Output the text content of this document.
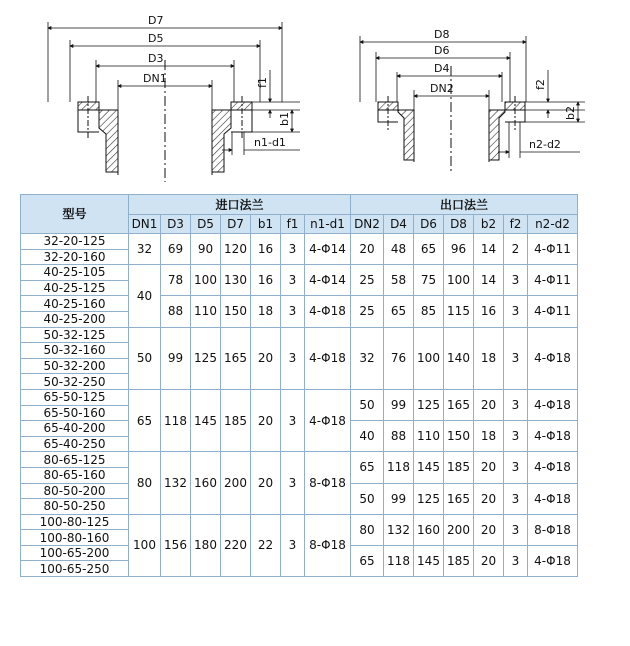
D7
D5
D3
DN1	f1
b1
n1-d1
D8
D6
D4
DN2	f2
b2
n2-d2
型号	进口法兰							出口法兰						
	DN1	D3	D5	D7	b1	f1	n1-d1	DN2	D4	D6	D8	b2	f2	n2-d2
32-20-125	32	69	90	120	16	3	4-Φ14	20	48	65	96	14	2	4-Φ11
32-20-160														
40-25-105	40	78	100	130	16	3	4-Φ14	25	58	75	100	14	3	4-Φ11
40-25-125														
40-25-160		88	110	150	18	3	4-Φ18	25	65	85	115	16	3	4-Φ11
40-25-200														
50-32-125	50	99	125	165	20	3	4-Φ18	32	76	100	140	18	3	4-Φ18
50-32-160														
50-32-200														
50-32-250														
65-50-125	65	118	145	185	20	3	4-Φ18	50	99	125	165	20	3	4-Φ18
65-50-160														
65-40-200								40	88	110	150	18	3	4-Φ18
65-40-250														
80-65-125	80	132	160	200	20	3	8-Φ18	65	118	145	185	20	3	4-Φ18
80-65-160														
80-50-200								50	99	125	165	20	3	4-Φ18
80-50-250														
100-80-125	100	156	180	220	22	3	8-Φ18	80	132	160	200	20	3	8-Φ18
100-80-160														
100-65-200								65	118	145	185	20	3	4-Φ18
100-65-250														
